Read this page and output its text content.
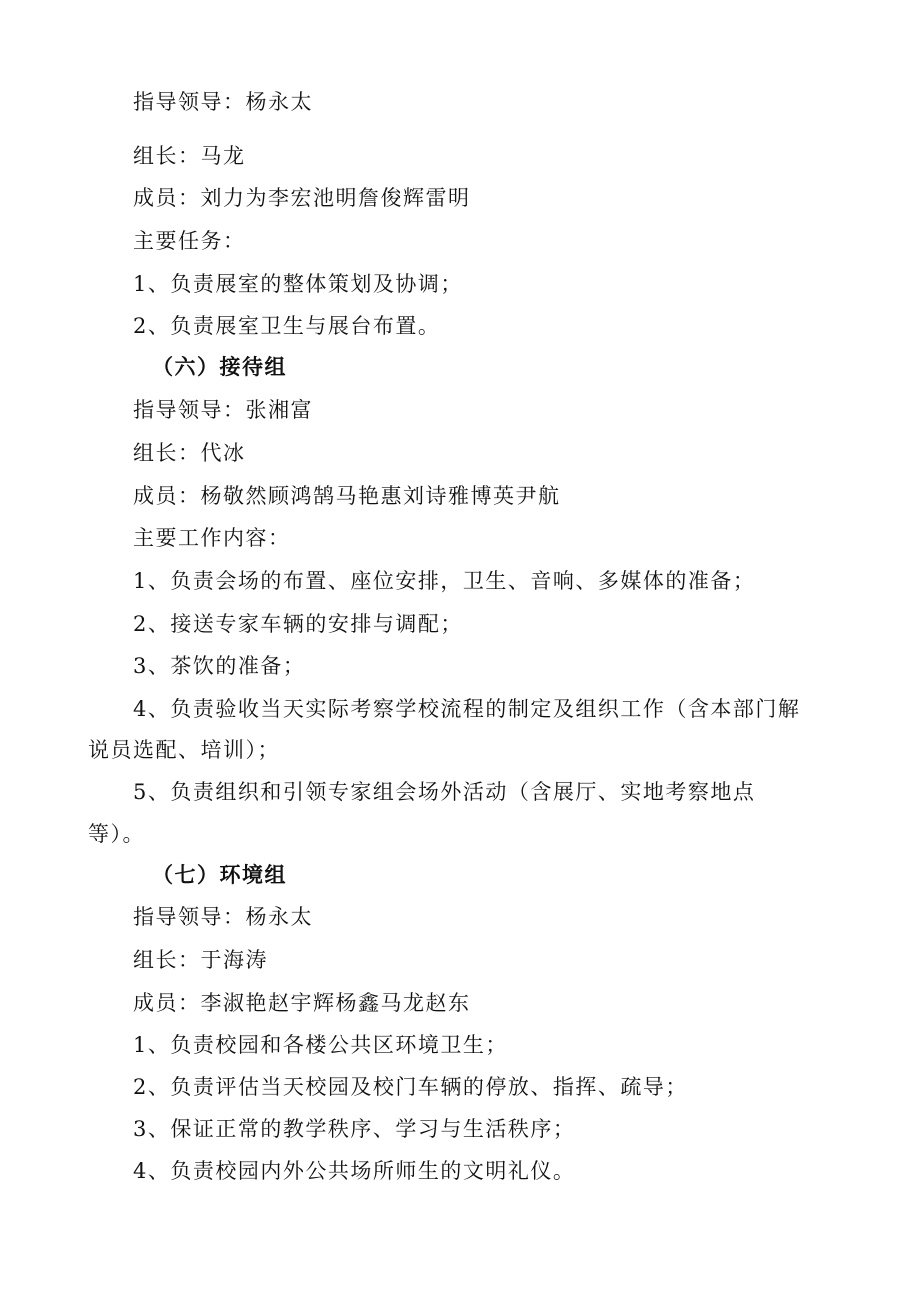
指导领导：杨永太
组长：马龙
成员：刘力为李宏池明詹俊辉雷明
主要任务：
1、负责展室的整体策划及协调；
2、负责展室卫生与展台布置。
（六）接待组
指导领导：张湘富
组长：代冰
成员：杨敬然顾鸿鹄马艳惠刘诗雅博英尹航
主要工作内容：
1、负责会场的布置、座位安排，卫生、音响、多媒体的准备；
2、接送专家车辆的安排与调配；
3、茶饮的准备；
4、负责验收当天实际考察学校流程的制定及组织工作（含本部门解
说员选配、培训）；
5、负责组织和引领专家组会场外活动（含展厅、实地考察地点
等）。
（七）环境组
指导领导：杨永太
组长：于海涛
成员：李淑艳赵宇辉杨鑫马龙赵东
1、负责校园和各楼公共区环境卫生；
2、负责评估当天校园及校门车辆的停放、指挥、疏导；
3、保证正常的教学秩序、学习与生活秩序；
4、负责校园内外公共场所师生的文明礼仪。
